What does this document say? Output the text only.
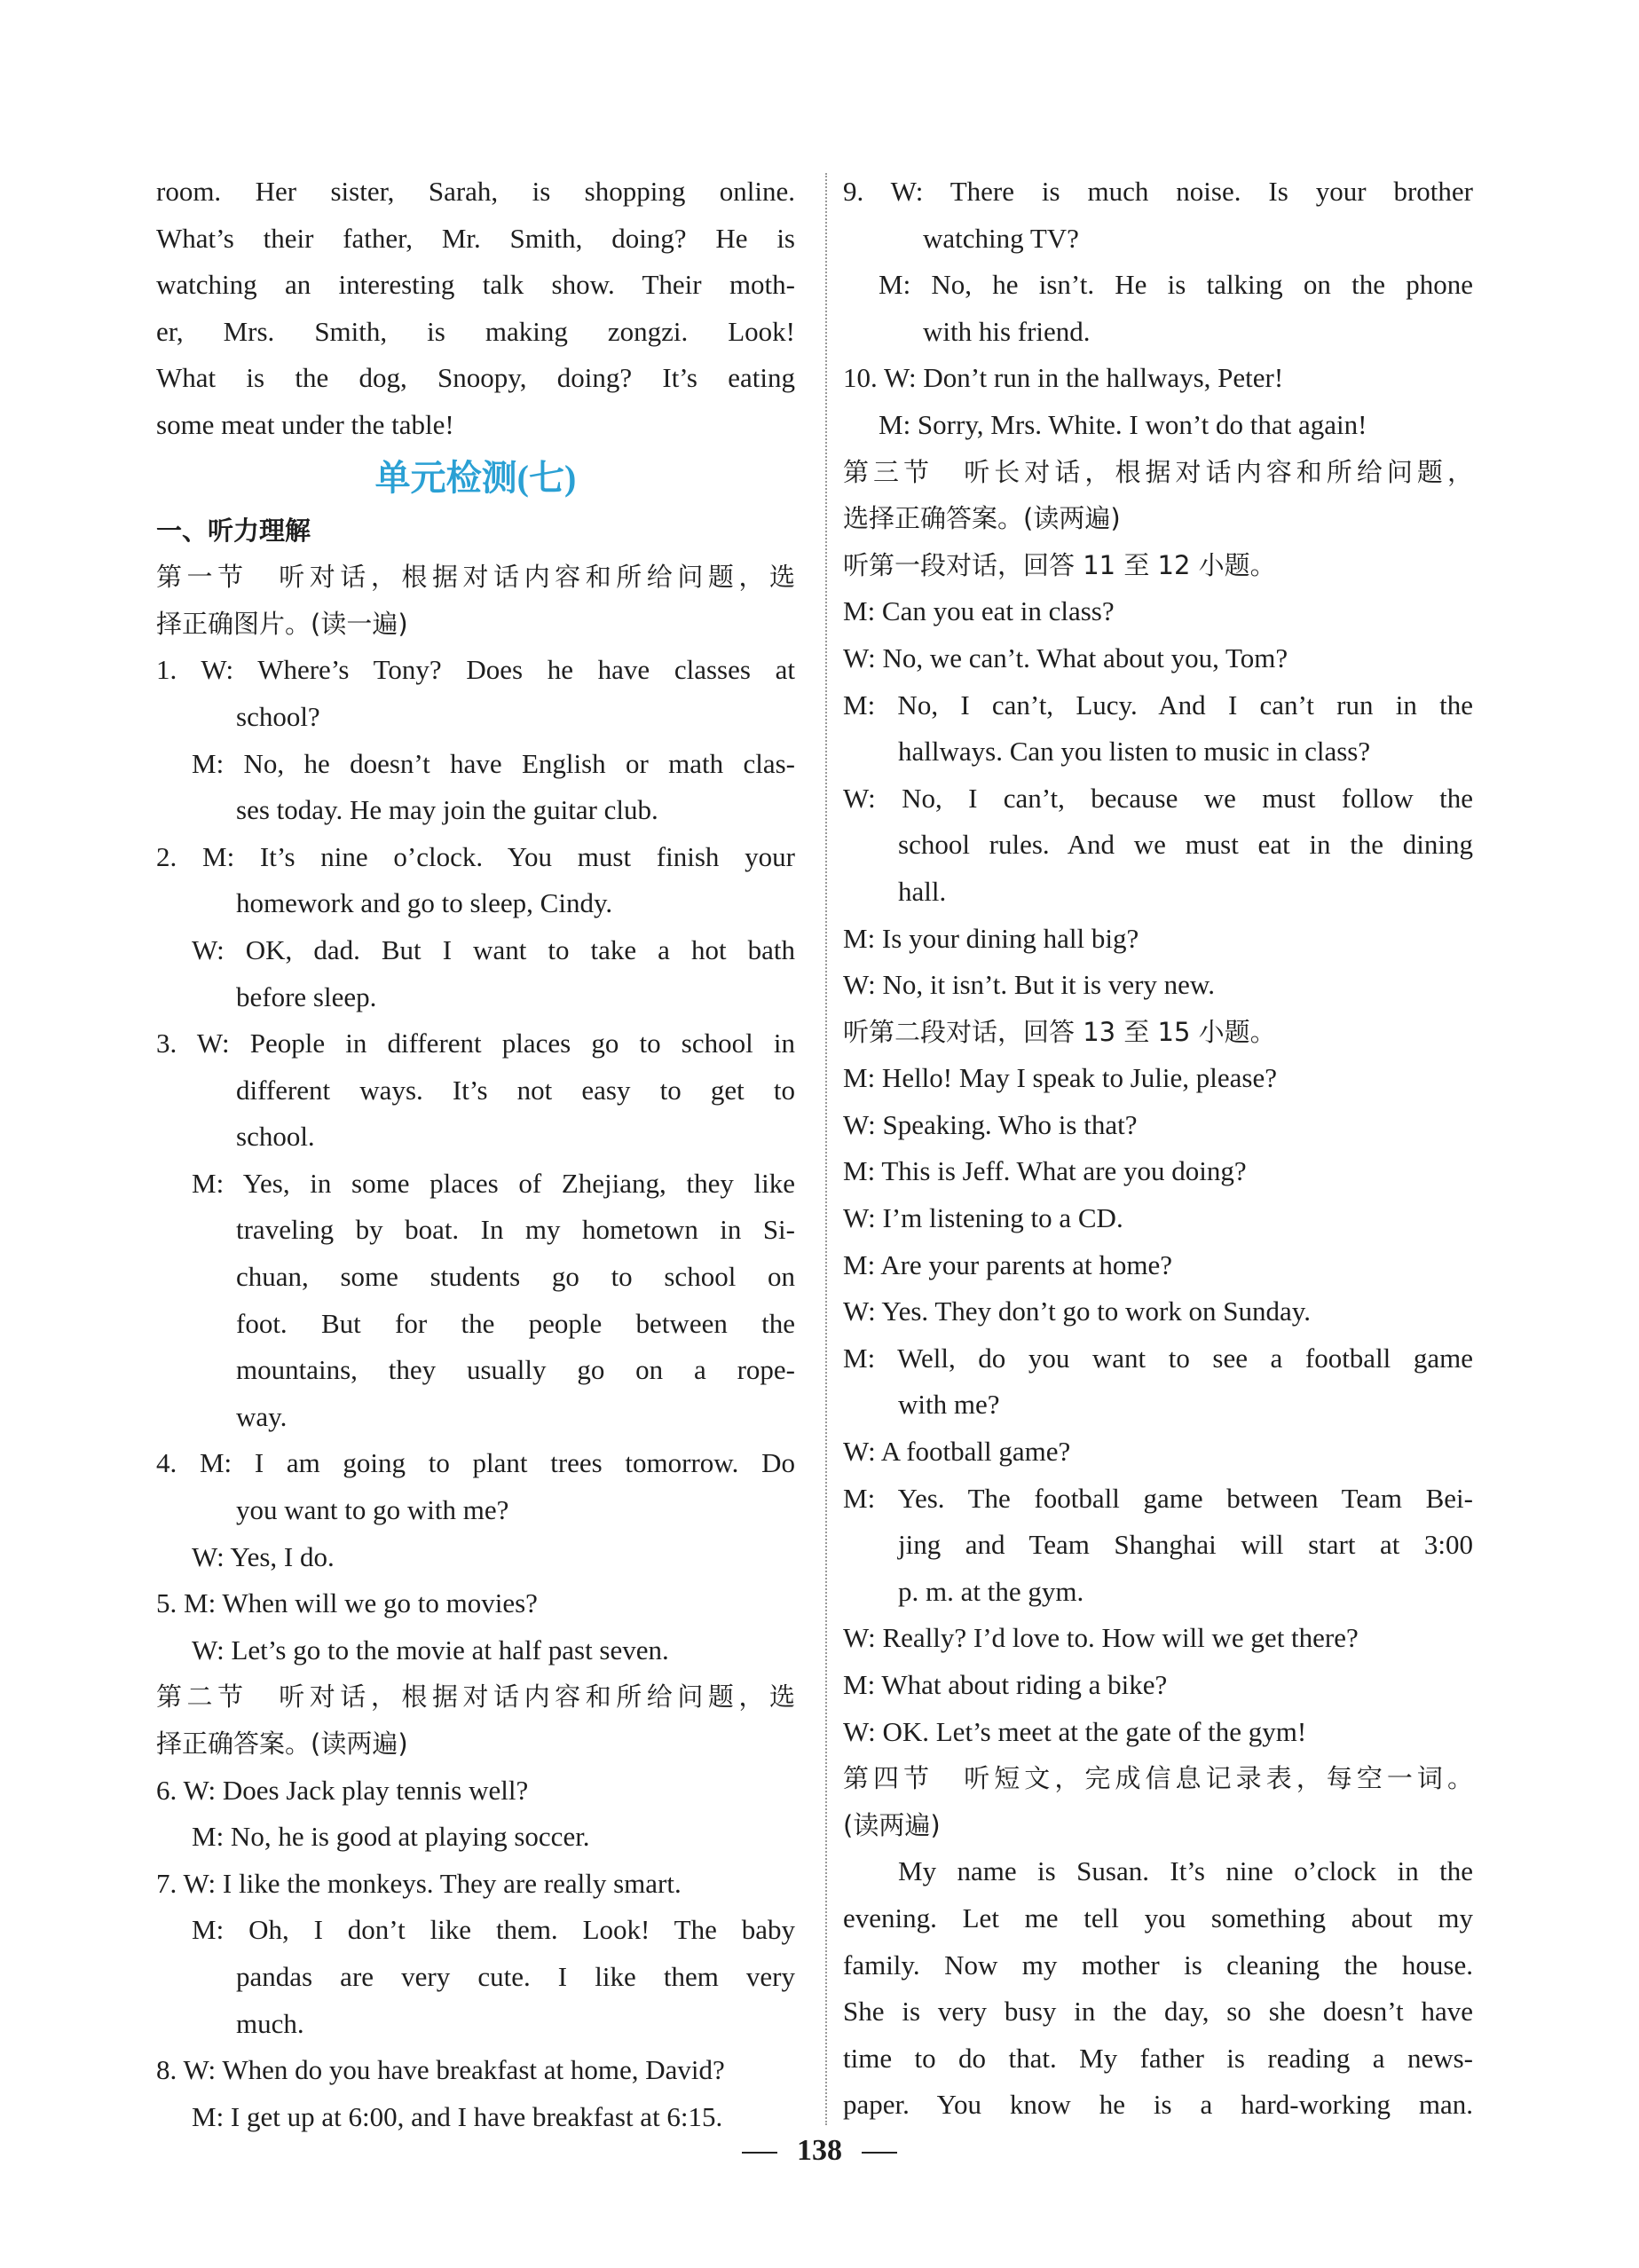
room. Her sister, Sarah, is shopping online.
What’s their father, Mr. Smith, doing? He is
watching an interesting talk show. Their moth-
er, Mrs. Smith, is making zongzi. Look!
What is the dog, Snoopy, doing? It’s eating
some meat under the table!
单元检测(七)
一、听力理解
第一节　听对话，根据对话内容和所给问题，选
择正确图片。(读一遍)
1. W: Where’s Tony? Does he have classes at
school?
M: No, he doesn’t have English or math clas-
ses today. He may join the guitar club.
2. M: It’s nine o’clock. You must finish your
homework and go to sleep, Cindy.
W: OK, dad. But I want to take a hot bath
before sleep.
3. W: People in different places go to school in
different ways. It’s not easy to get to
school.
M: Yes, in some places of Zhejiang, they like
traveling by boat. In my hometown in Si-
chuan, some students go to school on
foot. But for the people between the
mountains, they usually go on a rope-
way.
4. M: I am going to plant trees tomorrow. Do
you want to go with me?
W: Yes, I do.
5. M: When will we go to movies?
W: Let’s go to the movie at half past seven.
第二节　听对话，根据对话内容和所给问题，选
择正确答案。(读两遍)
6. W: Does Jack play tennis well?
M: No, he is good at playing soccer.
7. W: I like the monkeys. They are really smart.
M: Oh, I don’t like them. Look! The baby
pandas are very cute. I like them very
much.
8. W: When do you have breakfast at home, David?
M: I get up at 6:00, and I have breakfast at 6:15.
9. W: There is much noise. Is your brother
watching TV?
M: No, he isn’t. He is talking on the phone
with his friend.
10. W: Don’t run in the hallways, Peter!
M: Sorry, Mrs. White. I won’t do that again!
第三节　听长对话，根据对话内容和所给问题，
选择正确答案。(读两遍)
听第一段对话，回答 11 至 12 小题。
M: Can you eat in class?
W: No, we can’t. What about you, Tom?
M: No, I can’t, Lucy. And I can’t run in the
hallways. Can you listen to music in class?
W: No, I can’t, because we must follow the
school rules. And we must eat in the dining
hall.
M: Is your dining hall big?
W: No, it isn’t. But it is very new.
听第二段对话，回答 13 至 15 小题。
M: Hello! May I speak to Julie, please?
W: Speaking. Who is that?
M: This is Jeff. What are you doing?
W: I’m listening to a CD.
M: Are your parents at home?
W: Yes. They don’t go to work on Sunday.
M: Well, do you want to see a football game
with me?
W: A football game?
M: Yes. The football game between Team Bei-
jing and Team Shanghai will start at 3:00
p. m. at the gym.
W: Really? I’d love to. How will we get there?
M: What about riding a bike?
W: OK. Let’s meet at the gate of the gym!
第四节　听短文，完成信息记录表，每空一词。
(读两遍)
My name is Susan. It’s nine o’clock in the
evening. Let me tell you something about my
family. Now my mother is cleaning the house.
She is very busy in the day, so she doesn’t have
time to do that. My father is reading a news-
paper. You know he is a hard-working man.
138
